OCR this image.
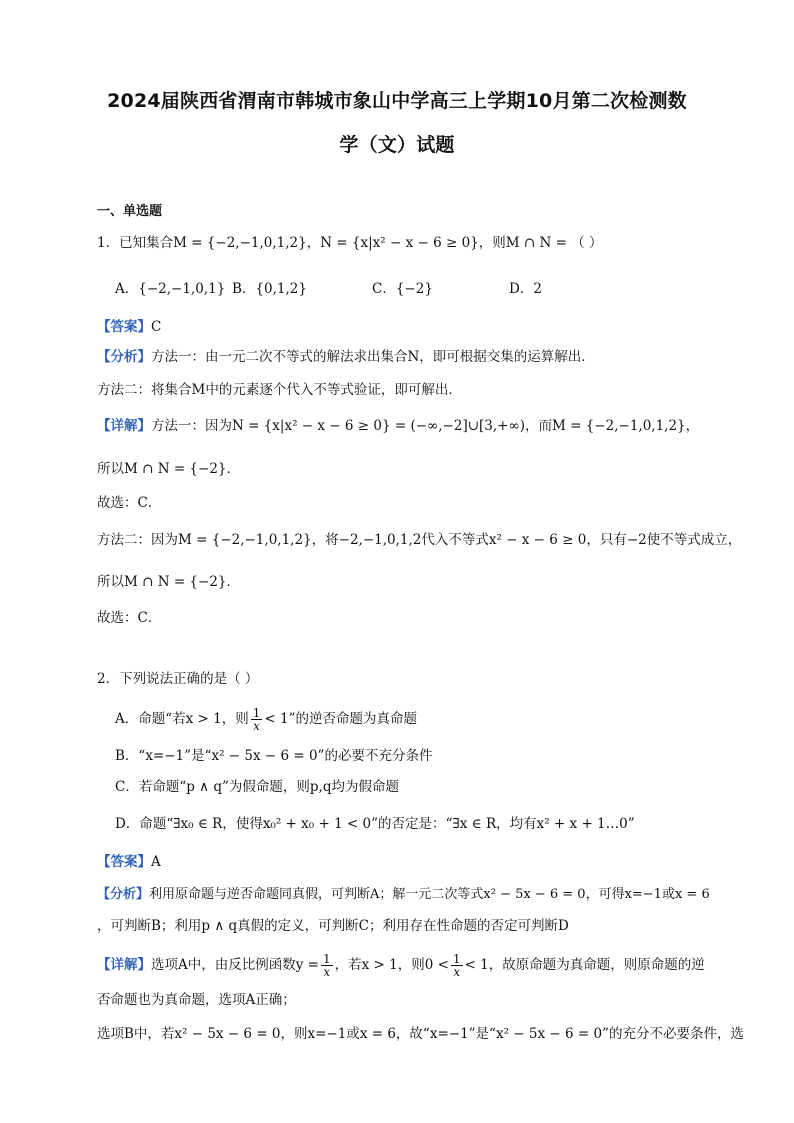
2024届陕西省渭南市韩城市象山中学高三上学期10月第二次检测数
学（文）试题
一、单选题
1．已知集合M = {−2,−1,0,1,2}，N = {x|x² − x − 6 ≥ 0}，则M ∩ N = （ ）
A．{−2,−1,0,1} B．{0,1,2}	C．{−2}	D．2
【答案】C
【分析】方法一：由一元二次不等式的解法求出集合N，即可根据交集的运算解出．
方法二：将集合M中的元素逐个代入不等式验证，即可解出．
【详解】方法一：因为N = {x|x² − x − 6 ≥ 0} = (−∞,−2]∪[3,+∞)，而M = {−2,−1,0,1,2}，
所以M ∩ N = {−2}．
故选：C．
方法二：因为M = {−2,−1,0,1,2}，将−2,−1,0,1,2代入不等式x² − x − 6 ≥ 0，只有−2使不等式成立，
所以M ∩ N = {−2}．
故选：C．
2．下列说法正确的是（ ）
A．命题“若x > 1，则 $\frac{1}{x} < 1$”的逆否命题为真命题
B．“x=−1”是“x² − 5x − 6 = 0”的必要不充分条件
C．若命题“p ∧ q”为假命题，则p,q均为假命题
D．命题“∃x₀ ∈ R，使得x₀² + x₀ + 1 < 0”的否定是：“∃x ∈ R，均有x² + x + 1…0”
【答案】A
【分析】利用原命题与逆否命题同真假，可判断A；解一元二次等式x² − 5x − 6 = 0，可得x=−1或x = 6
，可判断B；利用p ∧ q真假的定义，可判断C；利用存在性命题的否定可判断D
【详解】选项A中，由反比例函数$y = \frac{1}{x}$ ，若x > 1，则$0 < \frac{1}{x} < 1$，故原命题为真命题，则原命题的逆
否命题也为真命题，选项A正确；
选项B中，若x² − 5x − 6 = 0，则x=−1或x = 6，故“x=−1”是“x² − 5x − 6 = 0”的充分不必要条件，选
